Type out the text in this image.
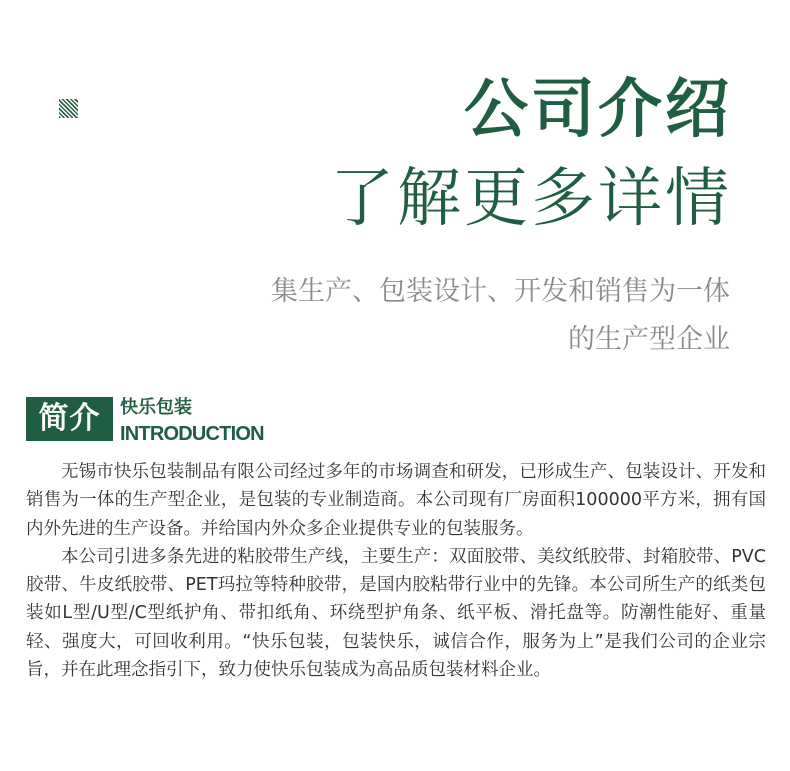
公司介绍
了解更多详情
集生产、包装设计、开发和销售为一体
的生产型企业
简介	快乐包装
INTRODUCTION

无锡市快乐包装制品有限公司经过多年的市场调查和研发，已形成生产、包装设计、开发和销售为一体的生产型企业，是包装的专业制造商。本公司现有厂房面积100000平方米，拥有国内外先进的生产设备。并给国内外众多企业提供专业的包装服务。

本公司引进多条先进的粘胶带生产线，主要生产：双面胶带、美纹纸胶带、封箱胶带、PVC胶带、牛皮纸胶带、PET玛拉等特种胶带，是国内胶粘带行业中的先锋。本公司所生产的纸类包装如L型/U型/C型纸护角、带扣纸角、环绕型护角条、纸平板、滑托盘等。防潮性能好、重量轻、强度大，可回收利用。“快乐包装，包装快乐，诚信合作，服务为上”是我们公司的企业宗旨，并在此理念指引下，致力使快乐包装成为高品质包装材料企业。
